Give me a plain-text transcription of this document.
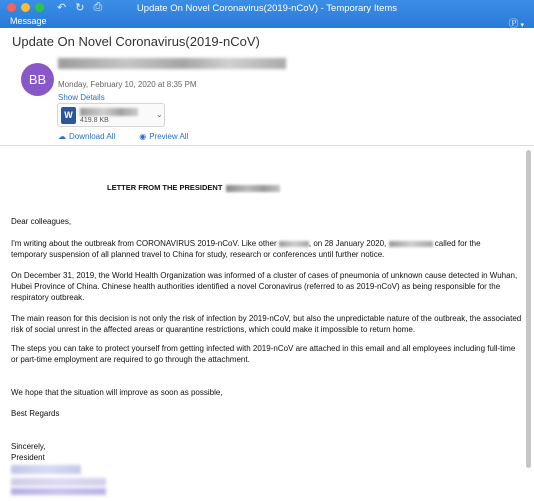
↶ ↻ ⎙	Update On Novel Coronavirus(2019-nCoV) - Temporary Items
Message	Ⓟ ▾
Update On Novel Coronavirus(2019-nCoV)
BB	Monday, February 10, 2020 at 8:35 PM
Show Details
W
419.8 KB
⌄
☁ Download All	◉ Preview All
LETTER FROM THE PRESIDENT
Dear colleagues,
I'm writing about the outbreak from CORONAVIRUS 2019-nCoV. Like other	, on 28 January 2020,	called for the
temporary suspension of all planned travel to China for study, research or conferences until further notice.
On December 31, 2019, the World Health Organization was informed of a cluster of cases of pneumonia of unknown cause detected in Wuhan, Hubei Province of China. Chinese health authorities identified a novel Coronavirus (referred to as 2019-nCoV) as being responsible for the respiratory outbreak.
The main reason for this decision is not only the risk of infection by 2019-nCoV, but also the unpredictable nature of the outbreak, the associated risk of social unrest in the affected areas or quarantine restrictions, which could make it impossible to return home.
The steps you can take to protect yourself from getting infected with 2019-nCoV are attached in this email and all employees including full-time or part-time employment are required to go through the attachment.
We hope that the situation will improve as soon as possible,
Best Regards
Sincerely,
President
